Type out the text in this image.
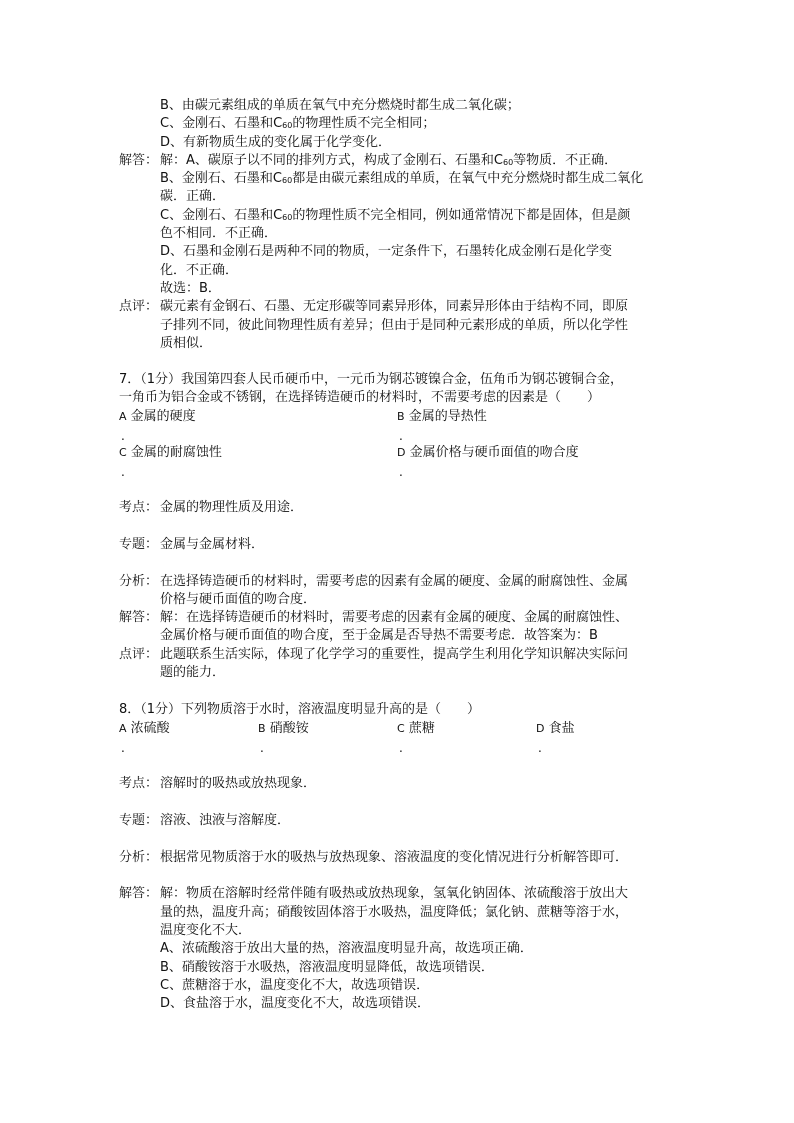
B、由碳元素组成的单质在氧气中充分燃烧时都生成二氧化碳；
C、金刚石、石墨和$C_{60}$的物理性质不完全相同；
D、有新物质生成的变化属于化学变化．
解答： 解：A、碳原子以不同的排列方式，构成了金刚石、石墨和$C_{60}$等物质．不正确．
B、金刚石、石墨和$C_{60}$都是由碳元素组成的单质，在氧气中充分燃烧时都生成二氧化
碳．正确．
C、金刚石、石墨和$C_{60}$的物理性质不完全相同，例如通常情况下都是固体，但是颜
色不相同．不正确．
D、石墨和金刚石是两种不同的物质，一定条件下，石墨转化成金刚石是化学变
化．不正确．
故选：B．
点评： 碳元素有金钢石、石墨、无定形碳等同素异形体，同素异形体由于结构不同，即原
子排列不同，彼此间物理性质有差异；但由于是同种元素形成的单质，所以化学性
质相似．
7．（1分）我国第四套人民币硬币中，一元币为钢芯镀镍合金，伍角币为钢芯镀铜合金，
一角币为铝合金或不锈钢，在选择铸造硬币的材料时，不需要考虑的因素是（　　）
A 金属的硬度
.
B 金属的导热性
.
C 金属的耐腐蚀性
.
D 金属价格与硬币面值的吻合度
.
考点： 金属的物理性质及用途．
专题： 金属与金属材料．
分析： 在选择铸造硬币的材料时，需要考虑的因素有金属的硬度、金属的耐腐蚀性、金属
价格与硬币面值的吻合度．
解答： 解：在选择铸造硬币的材料时，需要考虑的因素有金属的硬度、金属的耐腐蚀性、
金属价格与硬币面值的吻合度，至于金属是否导热不需要考虑．故答案为：B
点评： 此题联系生活实际，体现了化学学习的重要性，提高学生利用化学知识解决实际问
题的能力．
8．（1分）下列物质溶于水时，溶液温度明显升高的是（　　）
A 浓硫酸
.
B 硝酸铵
.
C 蔗糖
.
D 食盐
.
考点： 溶解时的吸热或放热现象．
专题： 溶液、浊液与溶解度．
分析： 根据常见物质溶于水的吸热与放热现象、溶液温度的变化情况进行分析解答即可．
解答： 解：物质在溶解时经常伴随有吸热或放热现象，氢氧化钠固体、浓硫酸溶于放出大
量的热，温度升高；硝酸铵固体溶于水吸热，温度降低；氯化钠、蔗糖等溶于水，
温度变化不大．
A、浓硫酸溶于放出大量的热，溶液温度明显升高，故选项正确．
B、硝酸铵溶于水吸热，溶液温度明显降低，故选项错误．
C、蔗糖溶于水，温度变化不大，故选项错误．
D、食盐溶于水，温度变化不大，故选项错误．
